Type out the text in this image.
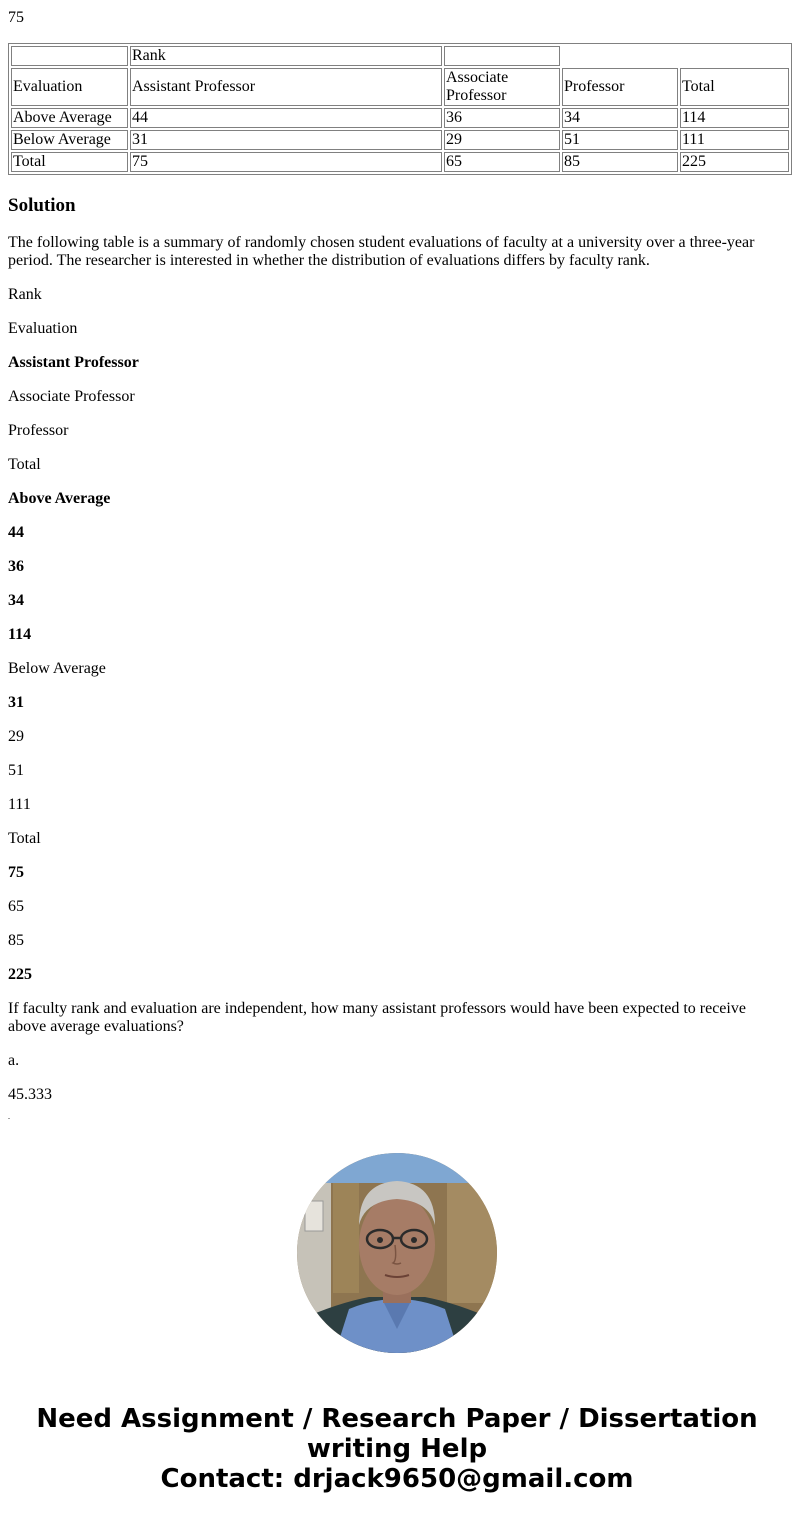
75
	Rank			
Evaluation	Assistant Professor	Associate Professor	Professor	Total
Above Average	44	36	34	114
Below Average	31	29	51	111
Total	75	65	85	225
Solution

The following table is a summary of randomly chosen student evaluations of faculty at a university over a three-year period. The researcher is interested in whether the distribution of evaluations differs by faculty rank.

Rank

Evaluation

Assistant Professor

Associate Professor

Professor

Total

Above Average

44

36

34

114

Below Average

31

29

51

111

Total

75

65

85

225

If faculty rank and evaluation are independent, how many assistant professors would have been expected to receive above average evaluations?

a.

45.333

.
Need Assignment / Research Paper / Dissertation
writing Help
Contact: drjack9650@gmail.com
